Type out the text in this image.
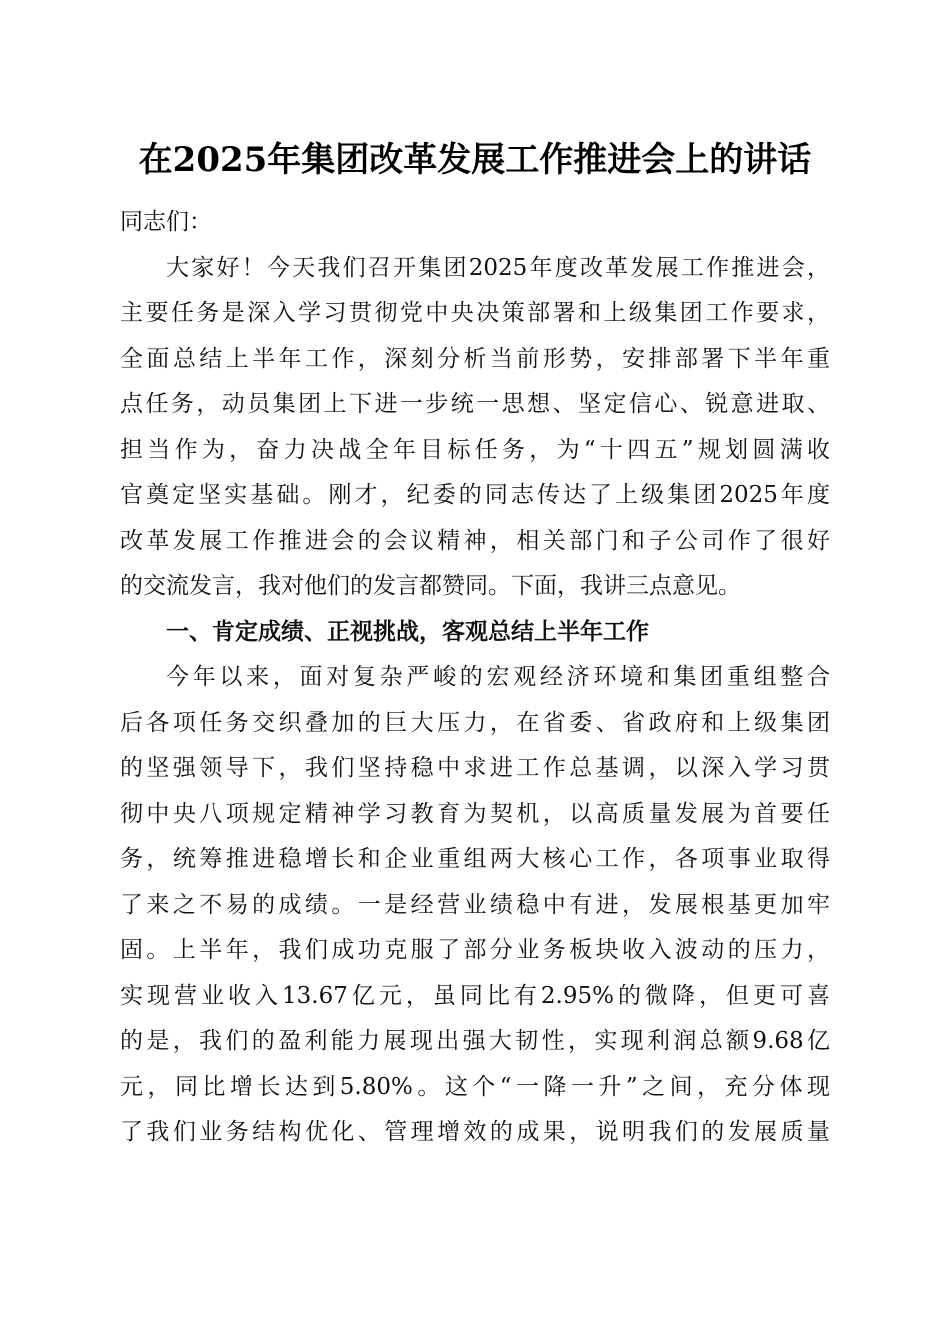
在2025年集团改革发展工作推进会上的讲话
同志们：
大家好！今天我们召开集团2025年度改革发展工作推进会，
主要任务是深入学习贯彻党中央决策部署和上级集团工作要求，
全面总结上半年工作，深刻分析当前形势，安排部署下半年重
点任务，动员集团上下进一步统一思想、坚定信心、锐意进取、
担当作为，奋力决战全年目标任务，为“十四五”规划圆满收
官奠定坚实基础。刚才，纪委的同志传达了上级集团2025年度
改革发展工作推进会的会议精神，相关部门和子公司作了很好
的交流发言，我对他们的发言都赞同。下面，我讲三点意见。
一、肯定成绩、正视挑战，客观总结上半年工作
今年以来，面对复杂严峻的宏观经济环境和集团重组整合
后各项任务交织叠加的巨大压力，在省委、省政府和上级集团
的坚强领导下，我们坚持稳中求进工作总基调，以深入学习贯
彻中央八项规定精神学习教育为契机，以高质量发展为首要任
务，统筹推进稳增长和企业重组两大核心工作，各项事业取得
了来之不易的成绩。一是经营业绩稳中有进，发展根基更加牢
固。上半年，我们成功克服了部分业务板块收入波动的压力，
实现营业收入13.67亿元，虽同比有2.95%的微降，但更可喜
的是，我们的盈利能力展现出强大韧性，实现利润总额9.68亿
元，同比增长达到5.80%。这个“一降一升”之间，充分体现
了我们业务结构优化、管理增效的成果，说明我们的发展质量
